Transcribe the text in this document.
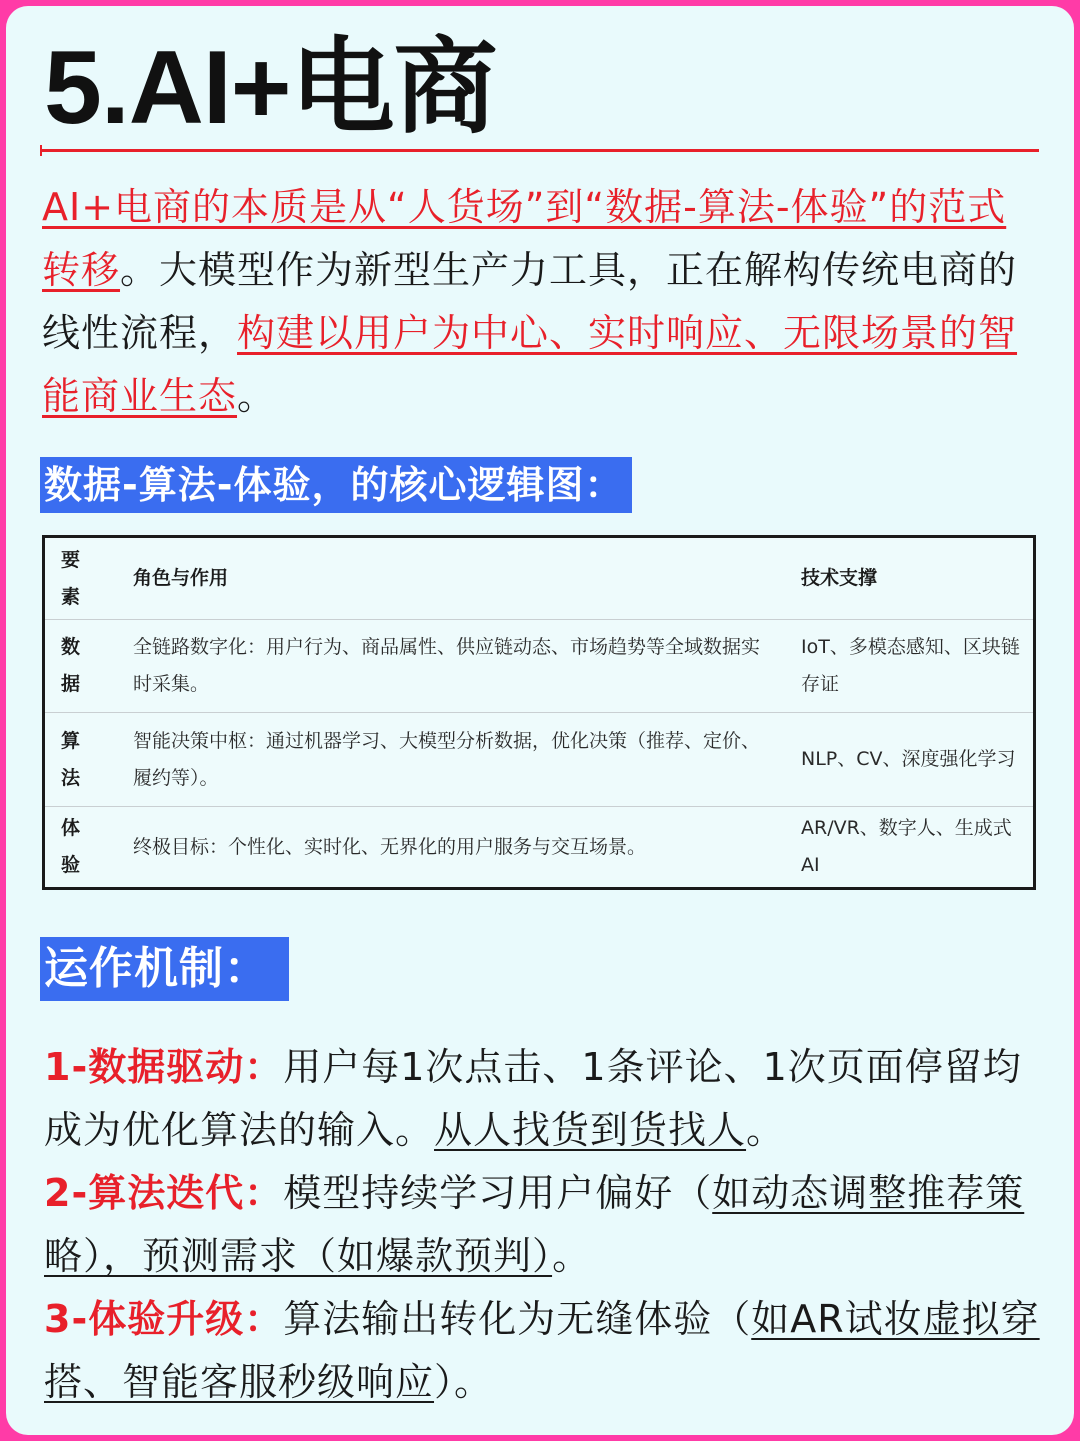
5.AI+电商
AI+电商的本质是从“人货场”到“数据-算法-体验”的范式转移。大模型作为新型生产力工具，正在解构传统电商的线性流程，构建以用户为中心、实时响应、无限场景的智能商业生态。
数据-算法-体验，的核心逻辑图：
要素
角色与作用	技术支撑
数据
全链路数字化：用户行为、商品属性、供应链动态、市场趋势等全域数据实时采集。
IoT、多模态感知、区块链存证
算法
智能决策中枢：通过机器学习、大模型分析数据，优化决策（推荐、定价、履约等）。
NLP、CV、深度强化学习
体验
终极目标：个性化、实时化、无界化的用户服务与交互场景。
AR/VR、数字人、生成式AI
运作机制：

1-数据驱动：用户每1次点击、1条评论、1次页面停留均成为优化算法的输入。从人找货到货找人。

2-算法迭代：模型持续学习用户偏好（如动态调整推荐策略），预测需求（如爆款预判）。

3-体验升级：算法输出转化为无缝体验（如AR试妆虚拟穿搭、智能客服秒级响应）。
